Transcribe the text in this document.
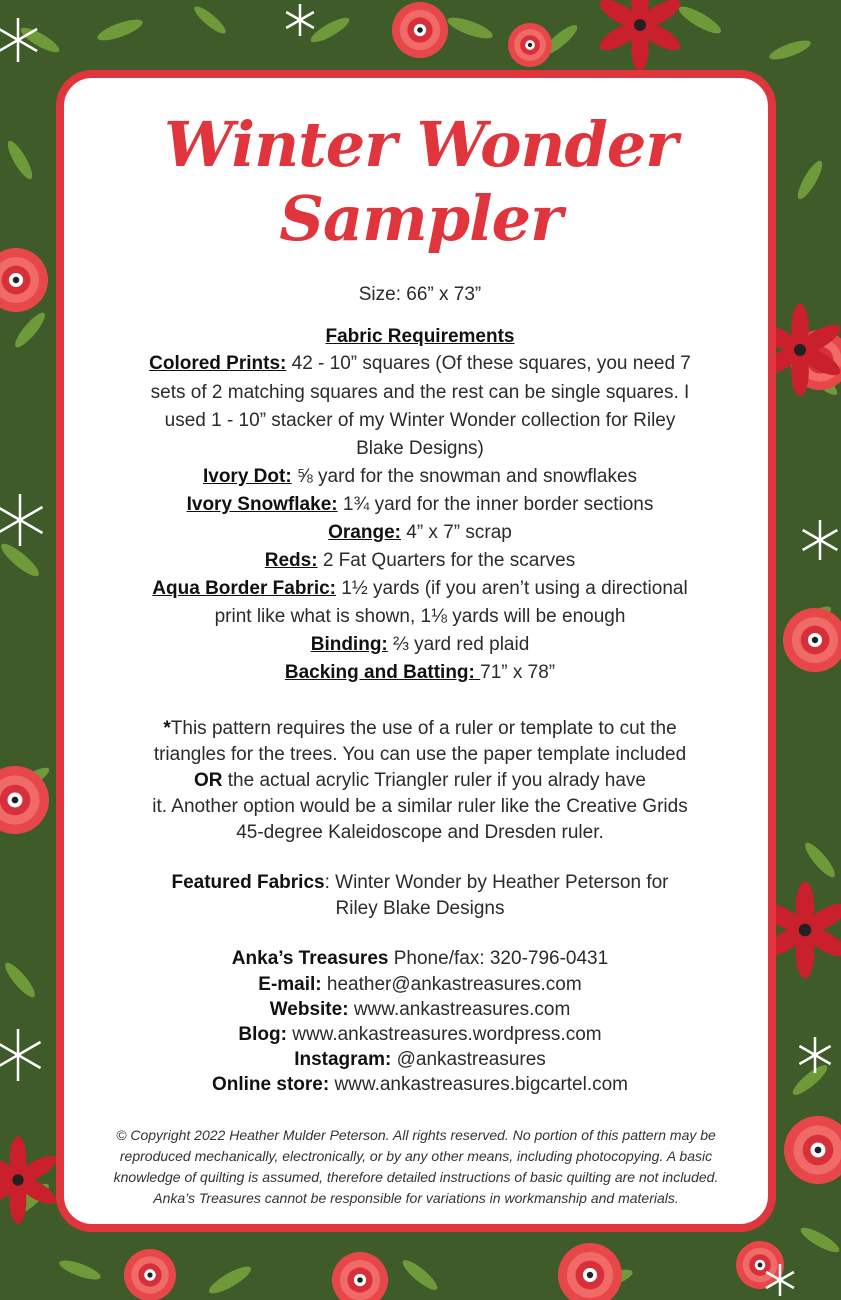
Winter Wonder
Sampler
Size: 66” x 73”
Fabric Requirements
Colored Prints: 42 - 10” squares (Of these squares, you need 7
sets of 2 matching squares and the rest can be single squares. I
used 1 - 10” stacker of my Winter Wonder collection for Riley
Blake Designs)
Ivory Dot: ⅝ yard for the snowman and snowflakes
Ivory Snowflake: 1¾ yard for the inner border sections
Orange: 4” x 7” scrap
Reds: 2 Fat Quarters for the scarves
Aqua Border Fabric: 1½ yards (if you aren’t using a directional
print like what is shown, 1⅛ yards will be enough
Binding: ⅔ yard red plaid
Backing and Batting: 71” x 78”
*This pattern requires the use of a ruler or template to cut the
triangles for the trees. You can use the paper template included
OR the actual acrylic Triangler ruler if you alrady have
it. Another option would be a similar ruler like the Creative Grids
45-degree Kaleidoscope and Dresden ruler.
Featured Fabrics: Winter Wonder by Heather Peterson for
Riley Blake Designs
Anka’s Treasures Phone/fax: 320-796-0431
E-mail: heather@ankastreasures.com
Website: www.ankastreasures.com
Blog: www.ankastreasures.wordpress.com
Instagram: @ankastreasures
Online store: www.ankastreasures.bigcartel.com
© Copyright 2022 Heather Mulder Peterson. All rights reserved. No portion of this pattern may be
reproduced mechanically, electronically, or by any other means, including photocopying. A basic
knowledge of quilting is assumed, therefore detailed instructions of basic quilting are not included.
Anka’s Treasures cannot be responsible for variations in workmanship and materials.
